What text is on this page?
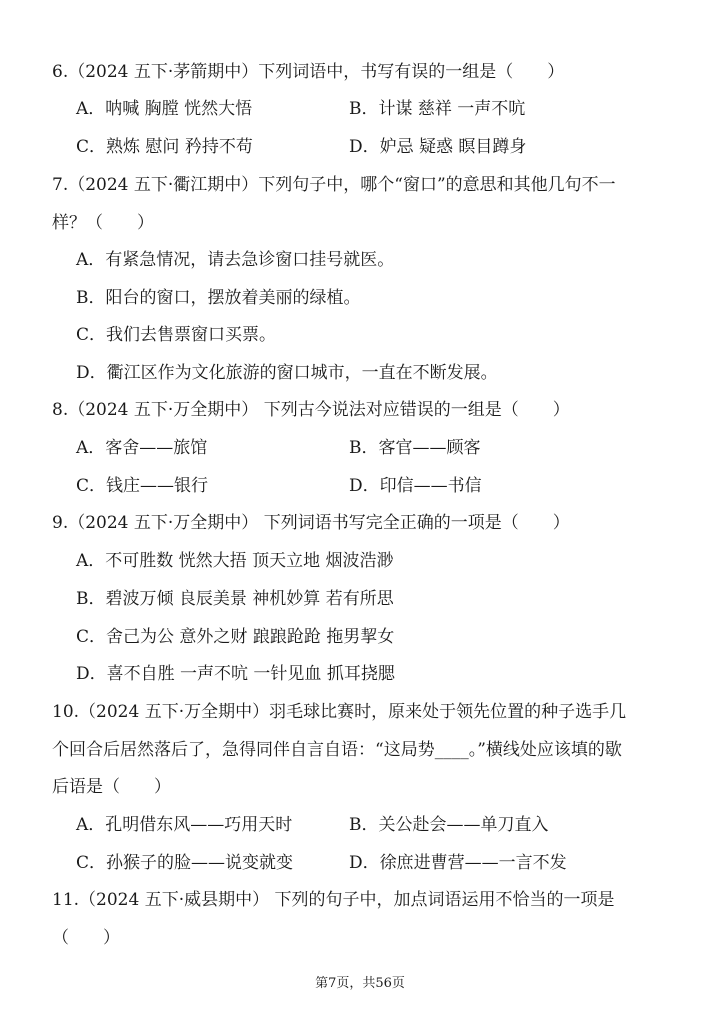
6.（2024 五下·茅箭期中）下列词语中，书写有误的一组是（　　）
A．呐喊 胸膛 恍然大悟	B．计谋 慈祥 一声不吭
C．熟炼 慰问 矜持不苟	D．妒忌 疑惑 瞑目蹲身
7.（2024 五下·衢江期中）下列句子中，哪个“窗口”的意思和其他几句不一
样？（　　）
A．有紧急情况，请去急诊窗口挂号就医。
B．阳台的窗口，摆放着美丽的绿植。
C．我们去售票窗口买票。
D．衢江区作为文化旅游的窗口城市，一直在不断发展。
8.（2024 五下·万全期中） 下列古今说法对应错误的一组是（　　）
A．客舍——旅馆	B．客官——顾客
C．钱庄——银行	D．印信——书信
9.（2024 五下·万全期中） 下列词语书写完全正确的一项是（　　）
A．不可胜数 恍然大捂 顶天立地 烟波浩渺
B．碧波万倾 良辰美景 神机妙算 若有所思
C．舍己为公 意外之财 踉踉跄跄 拖男挈女
D．喜不自胜 一声不吭 一针见血 抓耳挠腮
10.（2024 五下·万全期中）羽毛球比赛时，原来处于领先位置的种子选手几
个回合后居然落后了，急得同伴自言自语：“这局势____。”横线处应该填的歇
后语是（　　）
A．孔明借东风——巧用天时	B．关公赴会——单刀直入
C．孙猴子的脸——说变就变	D．徐庶进曹营——一言不发
11.（2024 五下·威县期中） 下列的句子中，加点词语运用不恰当的一项是
（　　）
第7页，共56页
